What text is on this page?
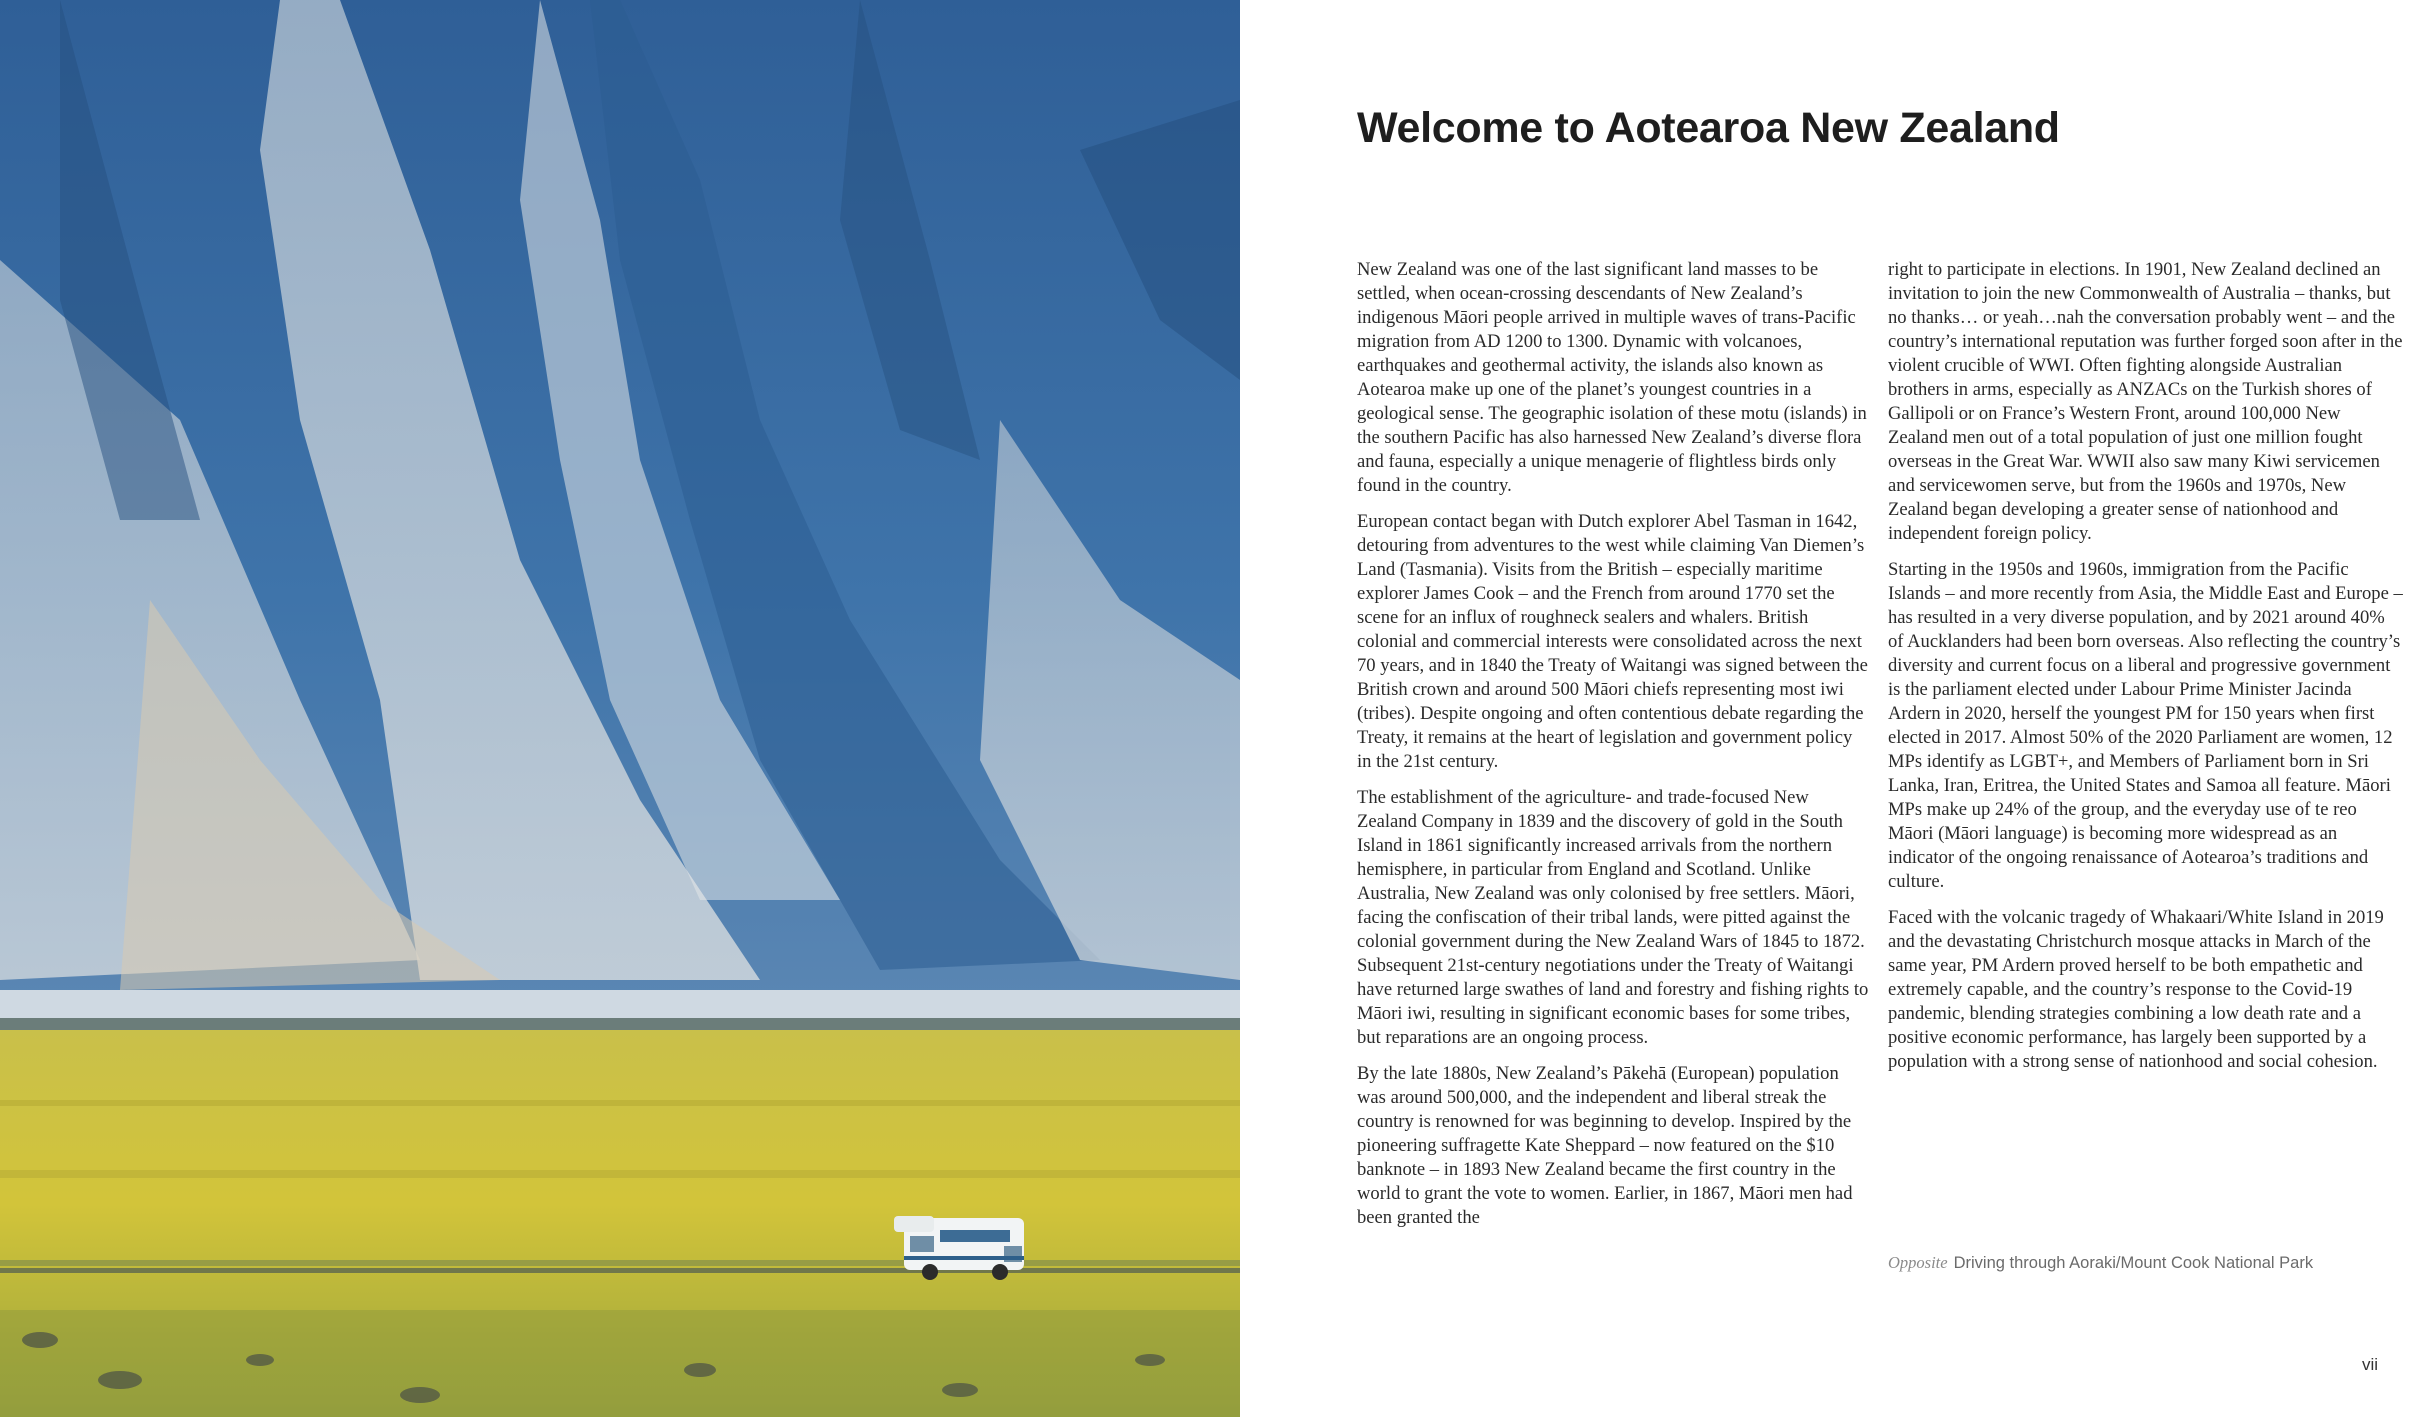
Welcome to Aotearoa New Zealand

New Zealand was one of the last significant land masses to be settled, when ocean-crossing descendants of New Zealand’s indigenous Māori people arrived in multiple waves of trans-Pacific migration from AD 1200 to 1300. Dynamic with volcanoes, earthquakes and geothermal activity, the islands also known as Aotearoa make up one of the planet’s youngest countries in a geological sense. The geographic isolation of these motu (islands) in the southern Pacific has also harnessed New Zealand’s diverse flora and fauna, especially a unique menagerie of flightless birds only found in the country.

European contact began with Dutch explorer Abel Tasman in 1642, detouring from adventures to the west while claiming Van Diemen’s Land (Tasmania). Visits from the British – especially maritime explorer James Cook – and the French from around 1770 set the scene for an influx of roughneck sealers and whalers. British colonial and commercial interests were consolidated across the next 70 years, and in 1840 the Treaty of Waitangi was signed between the British crown and around 500 Māori chiefs representing most iwi (tribes). Despite ongoing and often contentious debate regarding the Treaty, it remains at the heart of legislation and government policy in the 21st century.

The establishment of the agriculture- and trade-focused New Zealand Company in 1839 and the discovery of gold in the South Island in 1861 significantly increased arrivals from the northern hemisphere, in particular from England and Scotland. Unlike Australia, New Zealand was only colonised by free settlers. Māori, facing the confiscation of their tribal lands, were pitted against the colonial government during the New Zealand Wars of 1845 to 1872. Subsequent 21st-century negotiations under the Treaty of Waitangi have returned large swathes of land and forestry and fishing rights to Māori iwi, resulting in significant economic bases for some tribes, but reparations are an ongoing process.

By the late 1880s, New Zealand’s Pākehā (European) population was around 500,000, and the independent and liberal streak the country is renowned for was beginning to develop. Inspired by the pioneering suffragette Kate Sheppard – now featured on the $10 banknote – in 1893 New Zealand became the first country in the world to grant the vote to women. Earlier, in 1867, Māori men had been granted the

right to participate in elections. In 1901, New Zealand declined an invitation to join the new Commonwealth of Australia – thanks, but no thanks… or yeah…nah the conversation probably went – and the country’s international reputation was further forged soon after in the violent crucible of WWI. Often fighting alongside Australian brothers in arms, especially as ANZACs on the Turkish shores of Gallipoli or on France’s Western Front, around 100,000 New Zealand men out of a total population of just one million fought overseas in the Great War. WWII also saw many Kiwi servicemen and servicewomen serve, but from the 1960s and 1970s, New Zealand began developing a greater sense of nationhood and independent foreign policy.

Starting in the 1950s and 1960s, immigration from the Pacific Islands – and more recently from Asia, the Middle East and Europe – has resulted in a very diverse population, and by 2021 around 40% of Aucklanders had been born overseas. Also reflecting the country’s diversity and current focus on a liberal and progressive government is the parliament elected under Labour Prime Minister Jacinda Ardern in 2020, herself the youngest PM for 150 years when first elected in 2017. Almost 50% of the 2020 Parliament are women, 12 MPs identify as LGBT+, and Members of Parliament born in Sri Lanka, Iran, Eritrea, the United States and Samoa all feature. Māori MPs make up 24% of the group, and the everyday use of te reo Māori (Māori language) is becoming more widespread as an indicator of the ongoing renaissance of Aotearoa’s traditions and culture.

Faced with the volcanic tragedy of Whakaari/White Island in 2019 and the devastating Christchurch mosque attacks in March of the same year, PM Ardern proved herself to be both empathetic and extremely capable, and the country’s response to the Covid-19 pandemic, blending strategies combining a low death rate and a positive economic performance, has largely been supported by a population with a strong sense of nationhood and social cohesion.

Opposite Driving through Aoraki/Mount Cook National Park
vii
